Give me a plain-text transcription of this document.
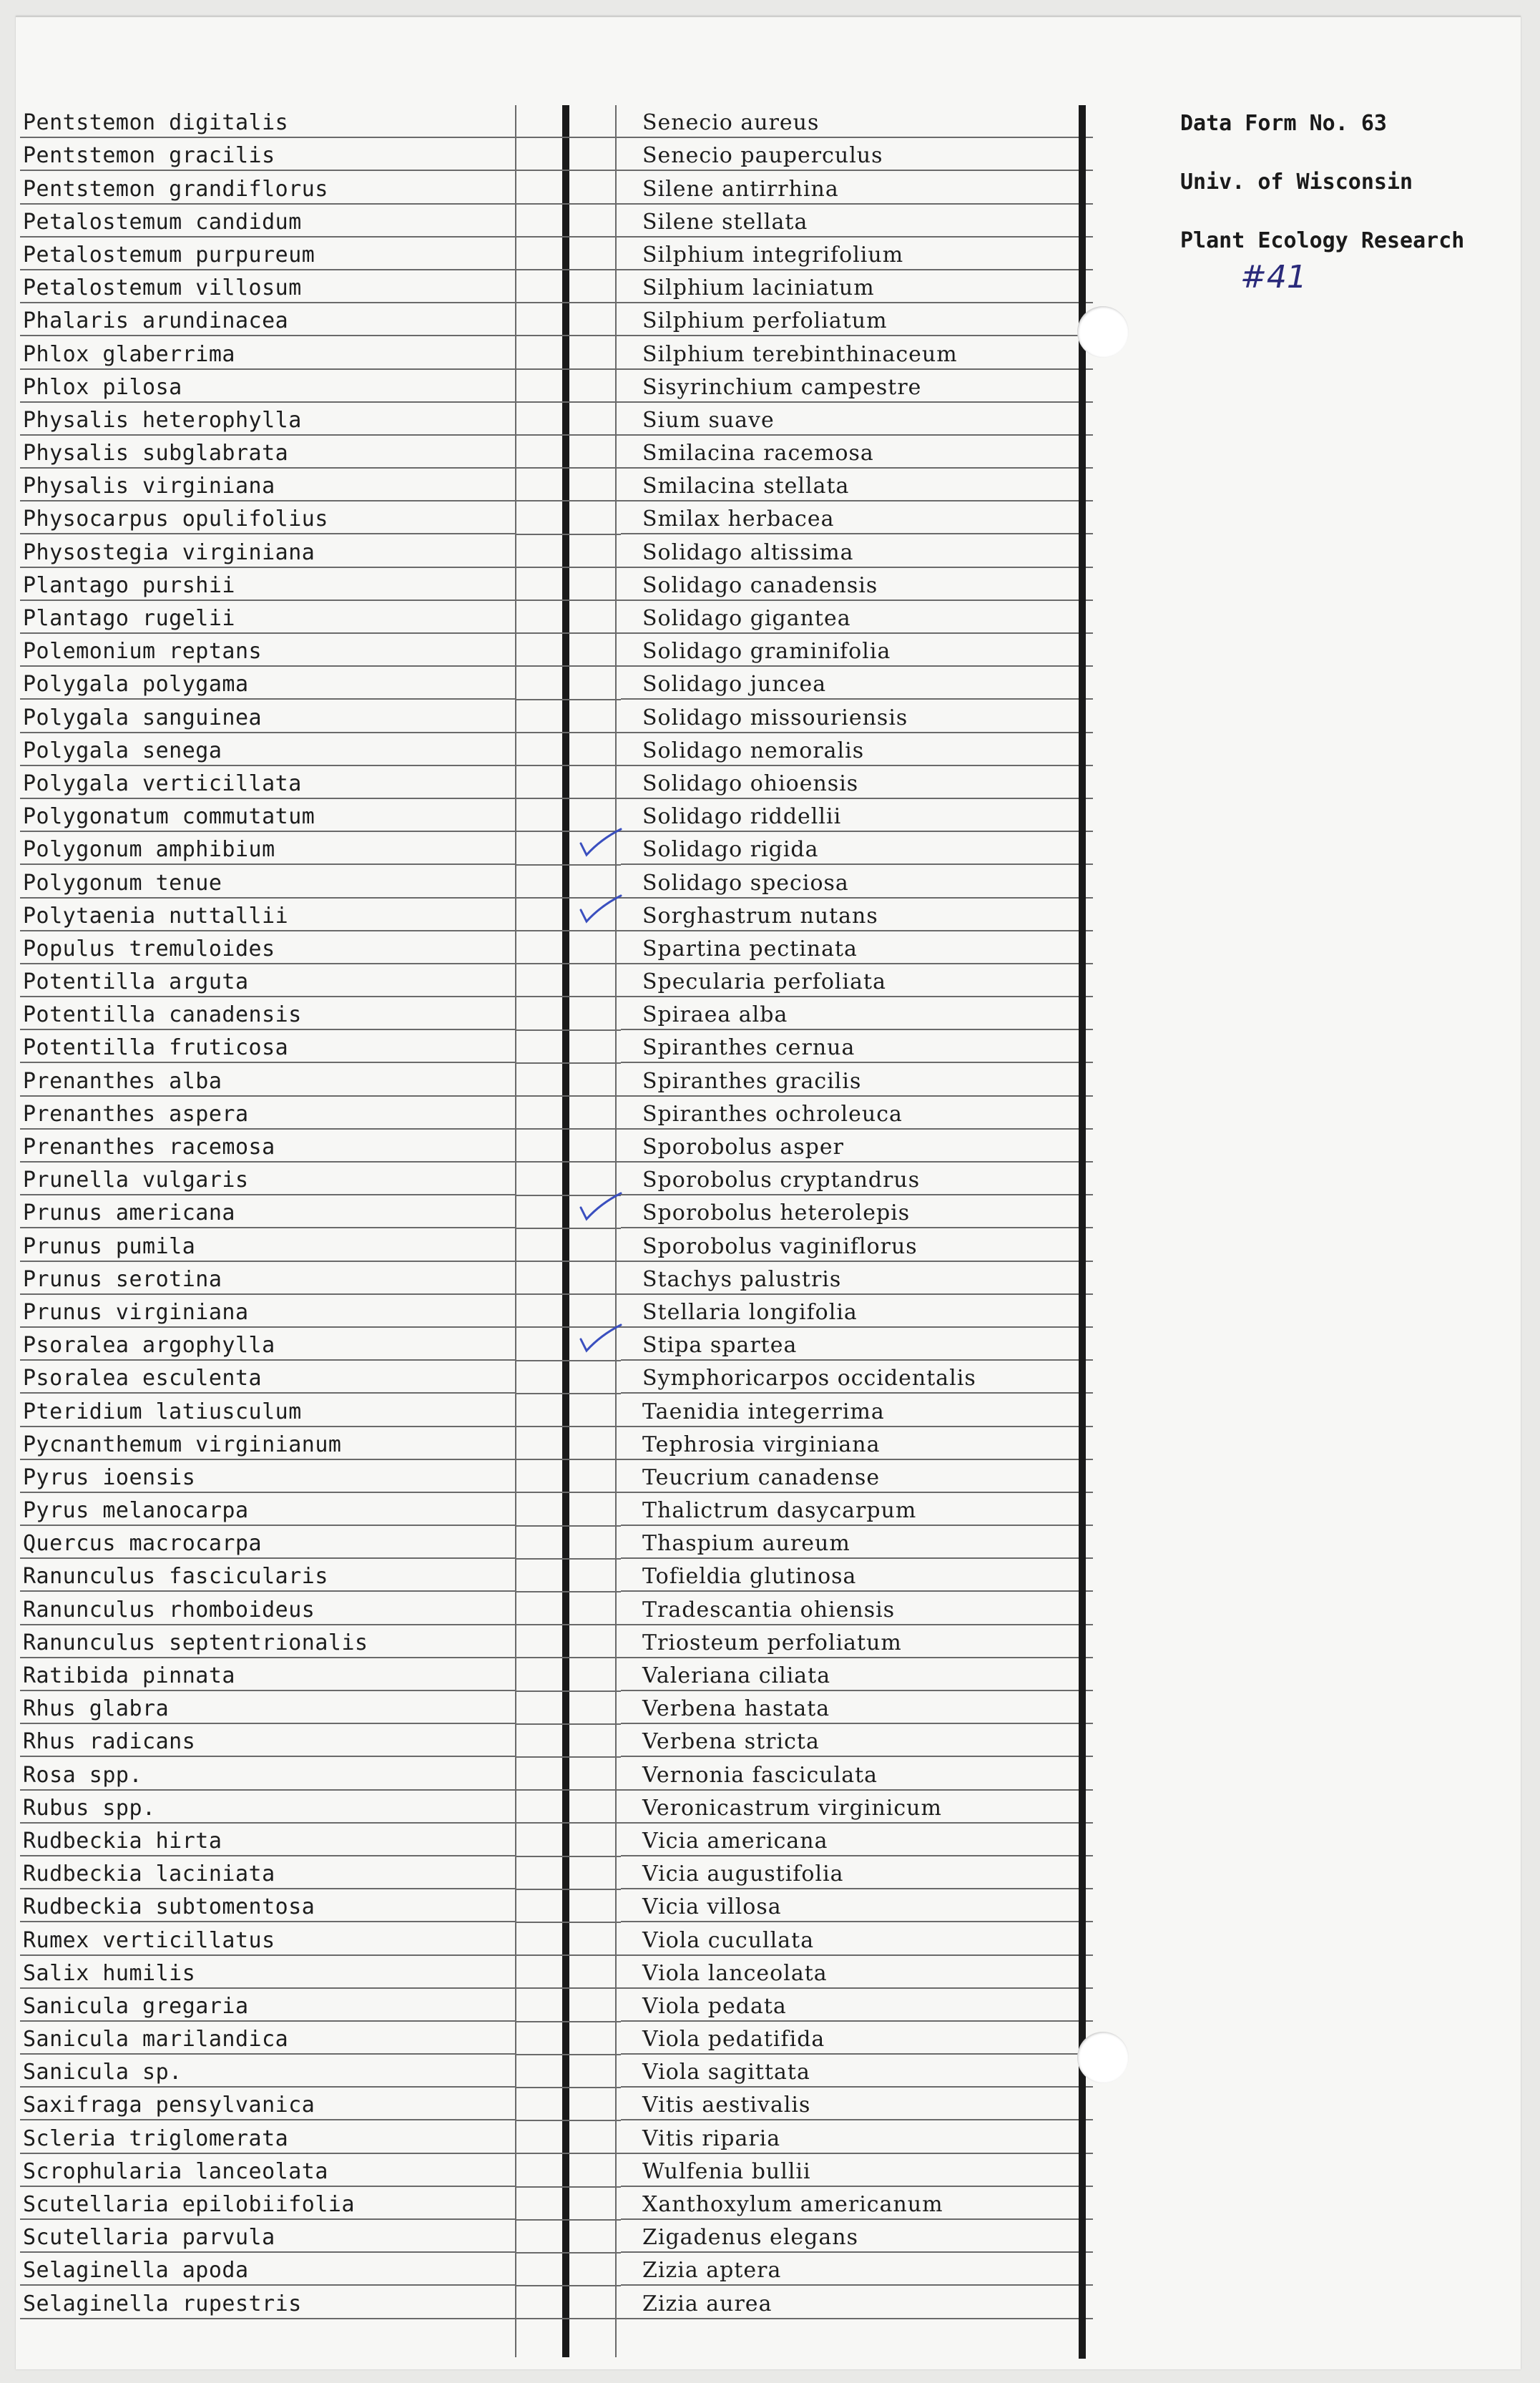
Data Form No. 63
Univ. of Wisconsin
Plant Ecology Research
#41
Pentstemon digitalis
Pentstemon gracilis
Pentstemon grandiflorus
Petalostemum candidum
Petalostemum purpureum
Petalostemum villosum
Phalaris arundinacea
Phlox glaberrima
Phlox pilosa
Physalis heterophylla
Physalis subglabrata
Physalis virginiana
Physocarpus opulifolius
Physostegia virginiana
Plantago purshii
Plantago rugelii
Polemonium reptans
Polygala polygama
Polygala sanguinea
Polygala senega
Polygala verticillata
Polygonatum commutatum
Polygonum amphibium
Polygonum tenue
Polytaenia nuttallii
Populus tremuloides
Potentilla arguta
Potentilla canadensis
Potentilla fruticosa
Prenanthes alba
Prenanthes aspera
Prenanthes racemosa
Prunella vulgaris
Prunus americana
Prunus pumila
Prunus serotina
Prunus virginiana
Psoralea argophylla
Psoralea esculenta
Pteridium latiusculum
Pycnanthemum virginianum
Pyrus ioensis
Pyrus melanocarpa
Quercus macrocarpa
Ranunculus fascicularis
Ranunculus rhomboideus
Ranunculus septentrionalis
Ratibida pinnata
Rhus glabra
Rhus radicans
Rosa spp.
Rubus spp.
Rudbeckia hirta
Rudbeckia laciniata
Rudbeckia subtomentosa
Rumex verticillatus
Salix humilis
Sanicula gregaria
Sanicula marilandica
Sanicula sp.
Saxifraga pensylvanica
Scleria triglomerata
Scrophularia lanceolata
Scutellaria epilobiifolia
Scutellaria parvula
Selaginella apoda
Selaginella rupestris
Senecio aureus
Senecio pauperculus
Silene antirrhina
Silene stellata
Silphium integrifolium
Silphium laciniatum
Silphium perfoliatum
Silphium terebinthinaceum
Sisyrinchium campestre
Sium suave
Smilacina racemosa
Smilacina stellata
Smilax herbacea
Solidago altissima
Solidago canadensis
Solidago gigantea
Solidago graminifolia
Solidago juncea
Solidago missouriensis
Solidago nemoralis
Solidago ohioensis
Solidago riddellii
Solidago rigida
Solidago speciosa
Sorghastrum nutans
Spartina pectinata
Specularia perfoliata
Spiraea alba
Spiranthes cernua
Spiranthes gracilis
Spiranthes ochroleuca
Sporobolus asper
Sporobolus cryptandrus
Sporobolus heterolepis
Sporobolus vaginiflorus
Stachys palustris
Stellaria longifolia
Stipa spartea
Symphoricarpos occidentalis
Taenidia integerrima
Tephrosia virginiana
Teucrium canadense
Thalictrum dasycarpum
Thaspium aureum
Tofieldia glutinosa
Tradescantia ohiensis
Triosteum perfoliatum
Valeriana ciliata
Verbena hastata
Verbena stricta
Vernonia fasciculata
Veronicastrum virginicum
Vicia americana
Vicia augustifolia
Vicia villosa
Viola cucullata
Viola lanceolata
Viola pedata
Viola pedatifida
Viola sagittata
Vitis aestivalis
Vitis riparia
Wulfenia bullii
Xanthoxylum americanum
Zigadenus elegans
Zizia aptera
Zizia aurea
